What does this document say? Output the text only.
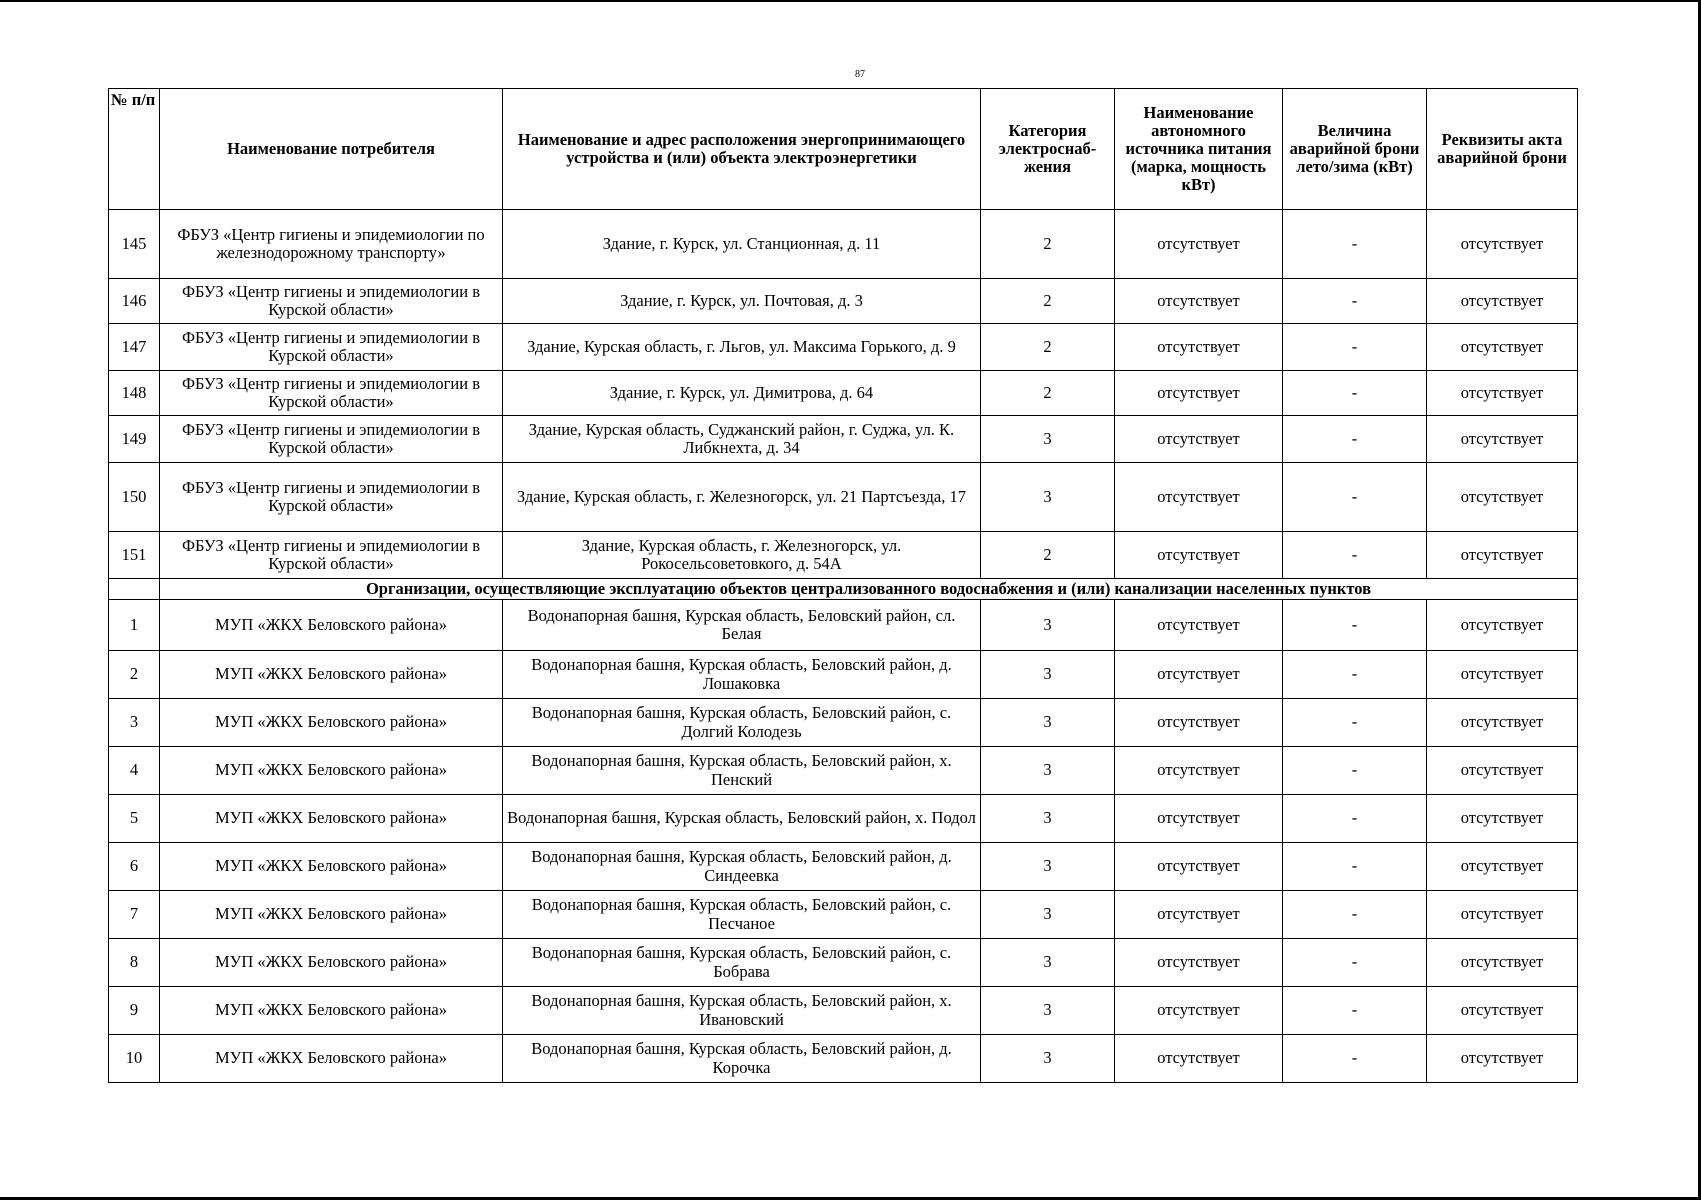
87
№ п/п	Наименование потребителя	Наименование и адрес расположения энергопринимающего устройства и (или) объекта электроэнергетики	Категория электроснаб-жения	Наименование автономного источника питания (марка, мощность кВт)	Величина аварийной брони лето/зима (кВт)	Реквизиты акта аварийной брони
145	ФБУЗ «Центр гигиены и эпидемиологии по железнодорожному транспорту»	Здание, г. Курск, ул. Станционная, д. 11	2	отсутствует	-	отсутствует
146	ФБУЗ «Центр гигиены и эпидемиологии в Курской области»	Здание, г. Курск, ул. Почтовая, д. 3	2	отсутствует	-	отсутствует
147	ФБУЗ «Центр гигиены и эпидемиологии в Курской области»	Здание, Курская область, г. Льгов, ул. Максима Горького, д. 9	2	отсутствует	-	отсутствует
148	ФБУЗ «Центр гигиены и эпидемиологии в Курской области»	Здание, г. Курск, ул. Димитрова, д. 64	2	отсутствует	-	отсутствует
149	ФБУЗ «Центр гигиены и эпидемиологии в Курской области»	Здание, Курская область, Суджанский район, г. Суджа, ул. К. Либкнехта, д. 34	3	отсутствует	-	отсутствует
150	ФБУЗ «Центр гигиены и эпидемиологии в Курской области»	Здание, Курская область, г. Железногорск, ул. 21 Партсъезда, 17	3	отсутствует	-	отсутствует
151	ФБУЗ «Центр гигиены и эпидемиологии в Курской области»	Здание, Курская область, г. Железногорск, ул. Рокосельсоветовкого, д. 54А	2	отсутствует	-	отсутствует
	Организации, осуществляющие эксплуатацию объектов централизованного водоснабжения и (или) канализации населенных пунктов					
1	МУП «ЖКХ Беловского района»	Водонапорная башня, Курская область, Беловский район, сл. Белая	3	отсутствует	-	отсутствует
2	МУП «ЖКХ Беловского района»	Водонапорная башня, Курская область, Беловский район, д. Лошаковка	3	отсутствует	-	отсутствует
3	МУП «ЖКХ Беловского района»	Водонапорная башня, Курская область, Беловский район, с. Долгий Колодезь	3	отсутствует	-	отсутствует
4	МУП «ЖКХ Беловского района»	Водонапорная башня, Курская область, Беловский район, х. Пенский	3	отсутствует	-	отсутствует
5	МУП «ЖКХ Беловского района»	Водонапорная башня, Курская область, Беловский район, х. Подол	3	отсутствует	-	отсутствует
6	МУП «ЖКХ Беловского района»	Водонапорная башня, Курская область, Беловский район, д. Синдеевка	3	отсутствует	-	отсутствует
7	МУП «ЖКХ Беловского района»	Водонапорная башня, Курская область, Беловский район, с. Песчаное	3	отсутствует	-	отсутствует
8	МУП «ЖКХ Беловского района»	Водонапорная башня, Курская область, Беловский район, с. Бобрава	3	отсутствует	-	отсутствует
9	МУП «ЖКХ Беловского района»	Водонапорная башня, Курская область, Беловский район, х. Ивановский	3	отсутствует	-	отсутствует
10	МУП «ЖКХ Беловского района»	Водонапорная башня, Курская область, Беловский район, д. Корочка	3	отсутствует	-	отсутствует
